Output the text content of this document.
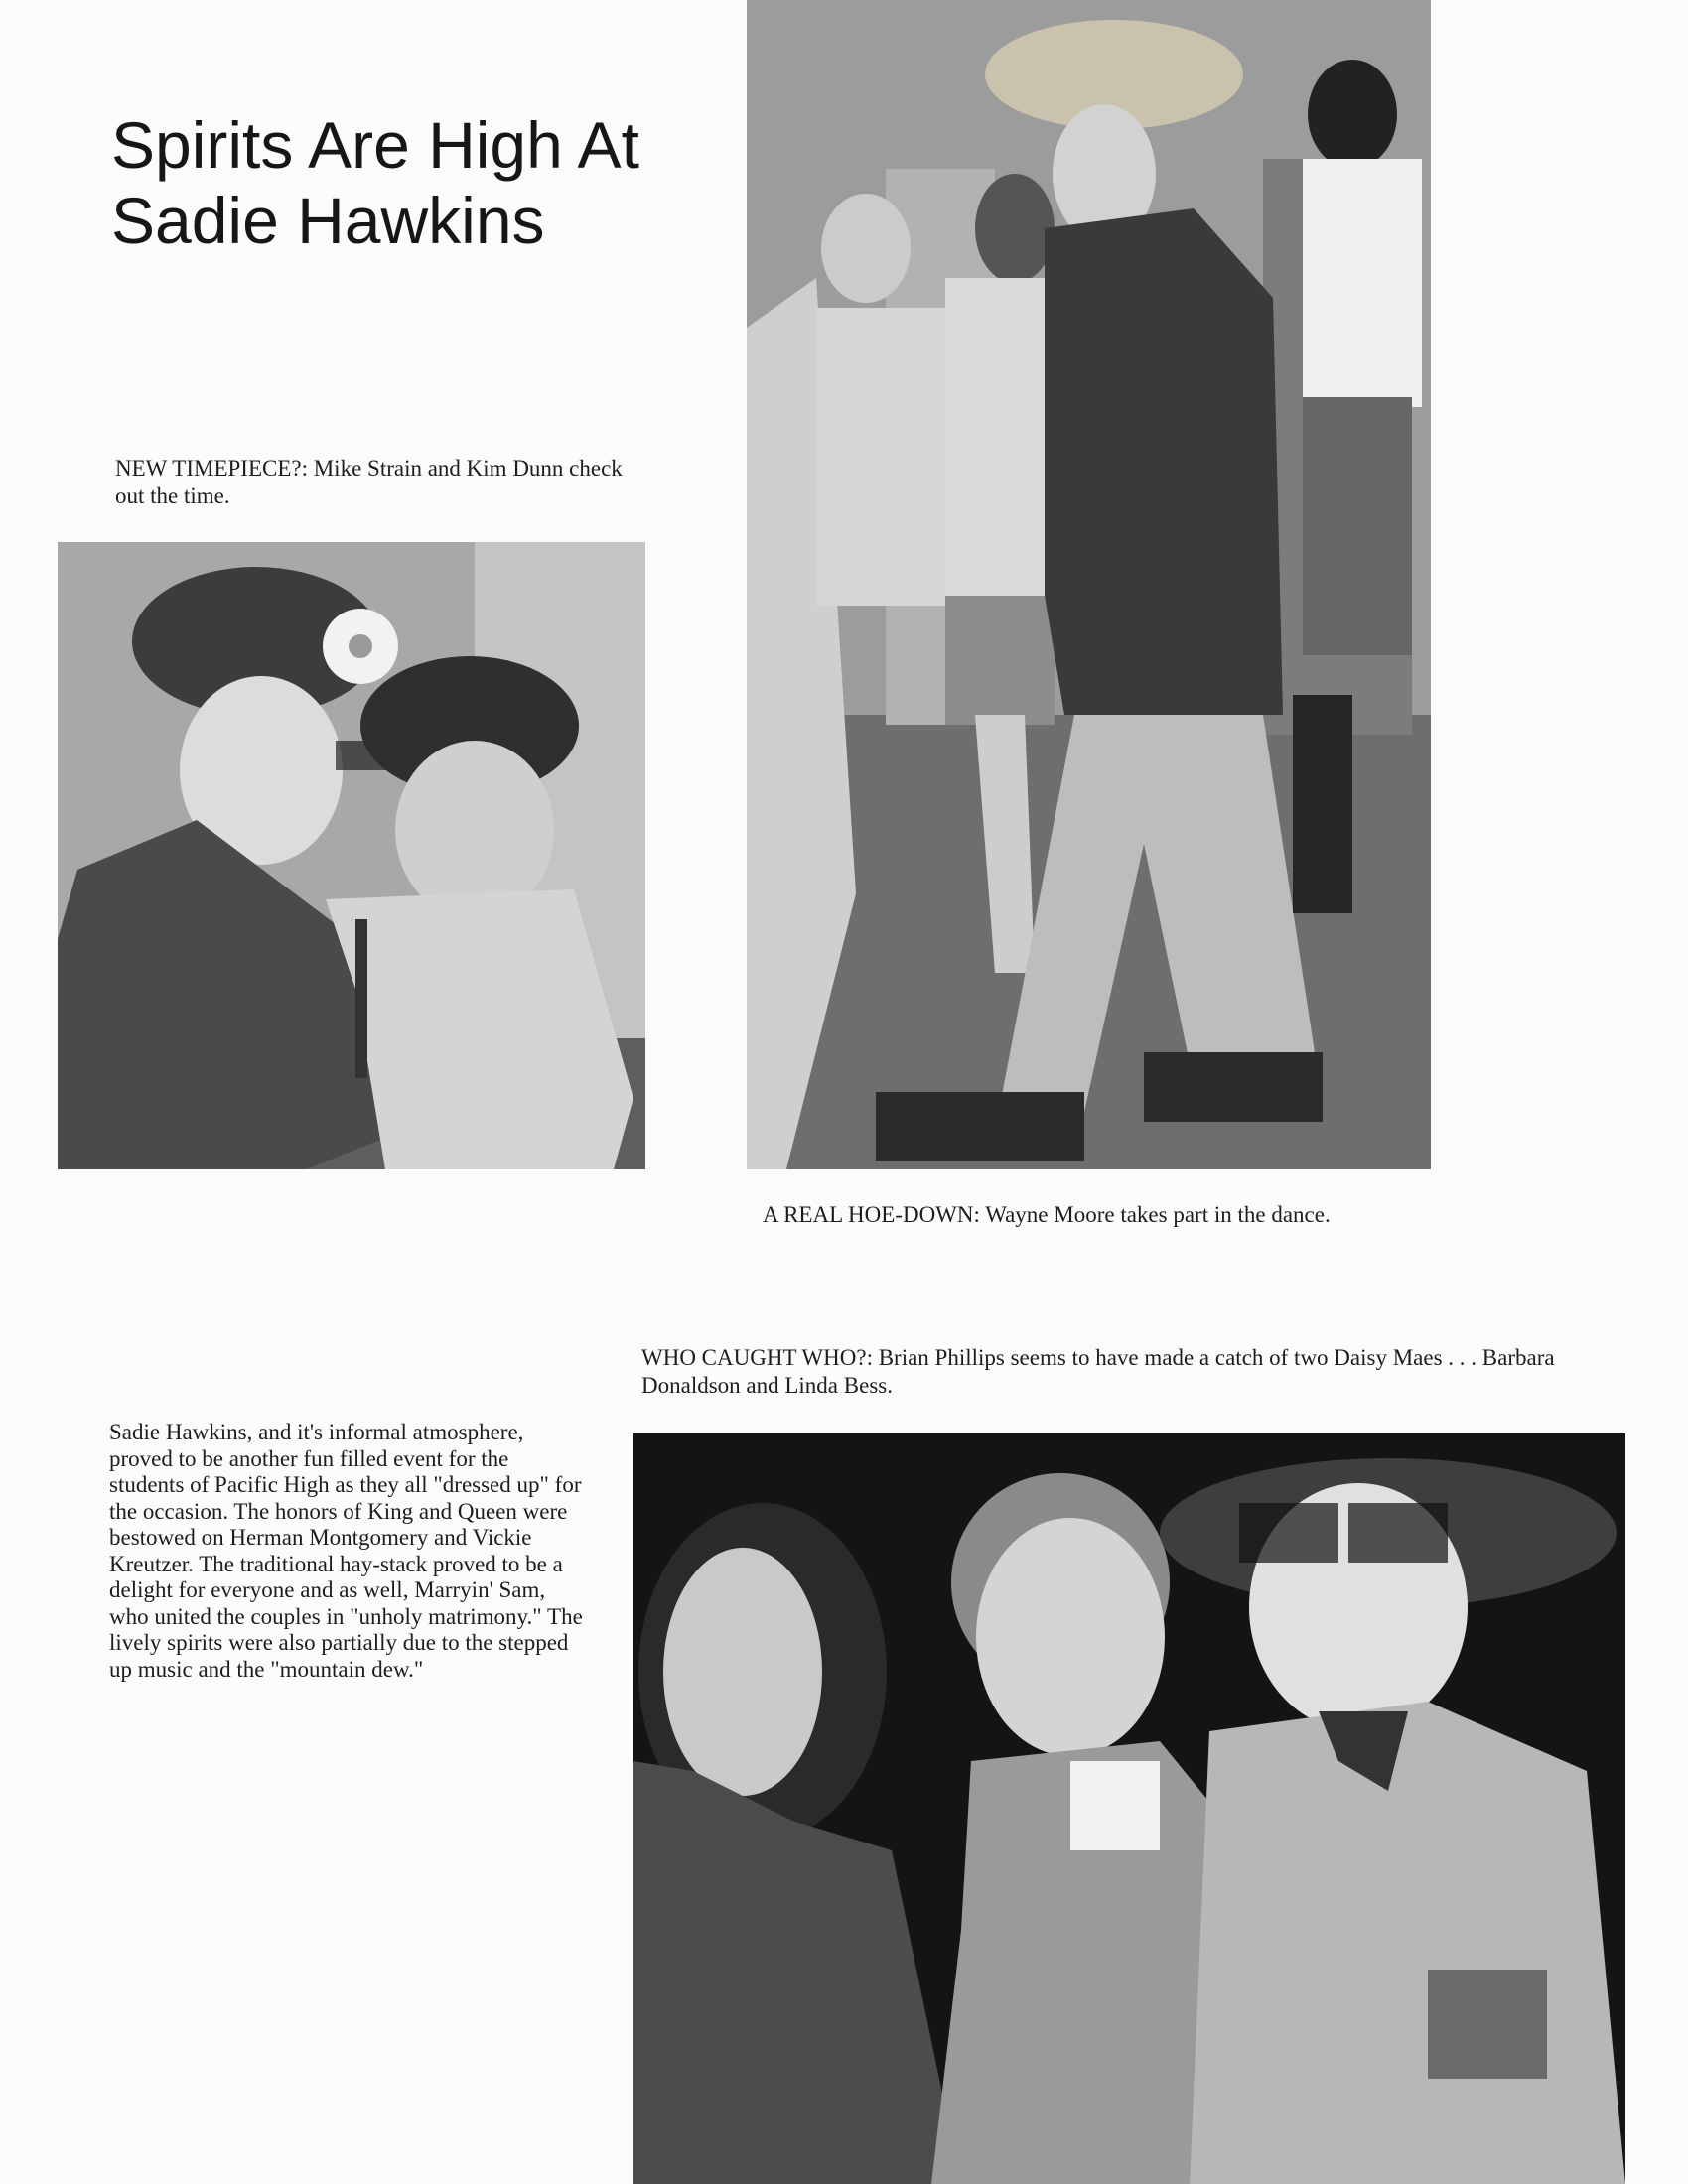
Spirits Are High At
Sadie Hawkins
NEW TIMEPIECE?: Mike Strain and Kim Dunn check out the time.
A REAL HOE-DOWN: Wayne Moore takes part in the dance.
WHO CAUGHT WHO?: Brian Phillips seems to have made a catch of two Daisy Maes . . . Barbara Donaldson and Linda Bess.
Sadie Hawkins, and it's informal atmosphere, proved to be another fun filled event for the students of Pacific High as they all "dressed up" for the occasion. The honors of King and Queen were bestowed on Herman Montgomery and Vickie Kreutzer. The traditional hay-stack proved to be a delight for everyone and as well, Marryin' Sam, who united the couples in "unholy matrimony." The lively spirits were also partially due to the stepped up music and the "mountain dew."
